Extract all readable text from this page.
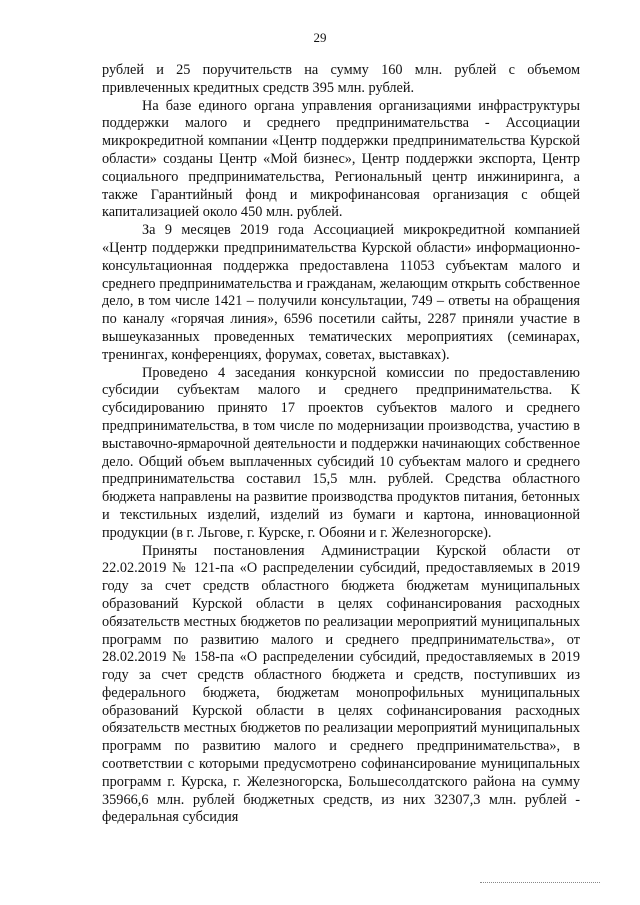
29

рублей и 25 поручительств на сумму 160 млн. рублей с объемом привлеченных кредитных средств 395 млн. рублей.

На базе единого органа управления организациями инфраструктуры поддержки малого и среднего предпринимательства - Ассоциации микрокредитной компании «Центр поддержки предпринимательства Курской области» созданы Центр «Мой бизнес», Центр поддержки экспорта, Центр социального предпринимательства, Региональный центр инжиниринга, а также Гарантийный фонд и микрофинансовая организация с общей капитализацией около 450 млн. рублей.

За 9 месяцев 2019 года Ассоциацией микрокредитной компанией «Центр поддержки предпринимательства Курской области» информационно-консультационная поддержка предоставлена 11053 субъектам малого и среднего предпринимательства и гражданам, желающим открыть собственное дело, в том числе 1421 – получили консультации, 749 – ответы на обращения по каналу «горячая линия», 6596 посетили сайты, 2287 приняли участие в вышеуказанных проведенных тематических мероприятиях (семинарах, тренингах, конференциях, форумах, советах, выставках).

Проведено 4 заседания конкурсной комиссии по предоставлению субсидии субъектам малого и среднего предпринимательства. К субсидированию принято 17 проектов субъектов малого и среднего предпринимательства, в том числе по модернизации производства, участию в выставочно-ярмарочной деятельности и поддержки начинающих собственное дело. Общий объем выплаченных субсидий 10 субъектам малого и среднего предпринимательства составил 15,5 млн. рублей. Средства областного бюджета направлены на развитие производства продуктов питания, бетонных и текстильных изделий, изделий из бумаги и картона, инновационной продукции (в г. Льгове, г. Курске, г. Обояни и г. Железногорске).

Приняты постановления Администрации Курской области от 22.02.2019 № 121-па «О распределении субсидий, предоставляемых в 2019 году за счет средств областного бюджета бюджетам муниципальных образований Курской области в целях софинансирования расходных обязательств местных бюджетов по реализации мероприятий муниципальных программ по развитию малого и среднего предпринимательства», от 28.02.2019 № 158-па «О распределении субсидий, предоставляемых в 2019 году за счет средств областного бюджета и средств, поступивших из федерального бюджета, бюджетам монопрофильных муниципальных образований Курской области в целях софинансирования расходных обязательств местных бюджетов по реализации мероприятий муниципальных программ по развитию малого и среднего предпринимательства», в соответствии с которыми предусмотрено софинансирование муниципальных программ г. Курска, г. Железногорска, Большесолдатского района на сумму 35966,6 млн. рублей бюджетных средств, из них 32307,3 млн. рублей - федеральная субсидия
